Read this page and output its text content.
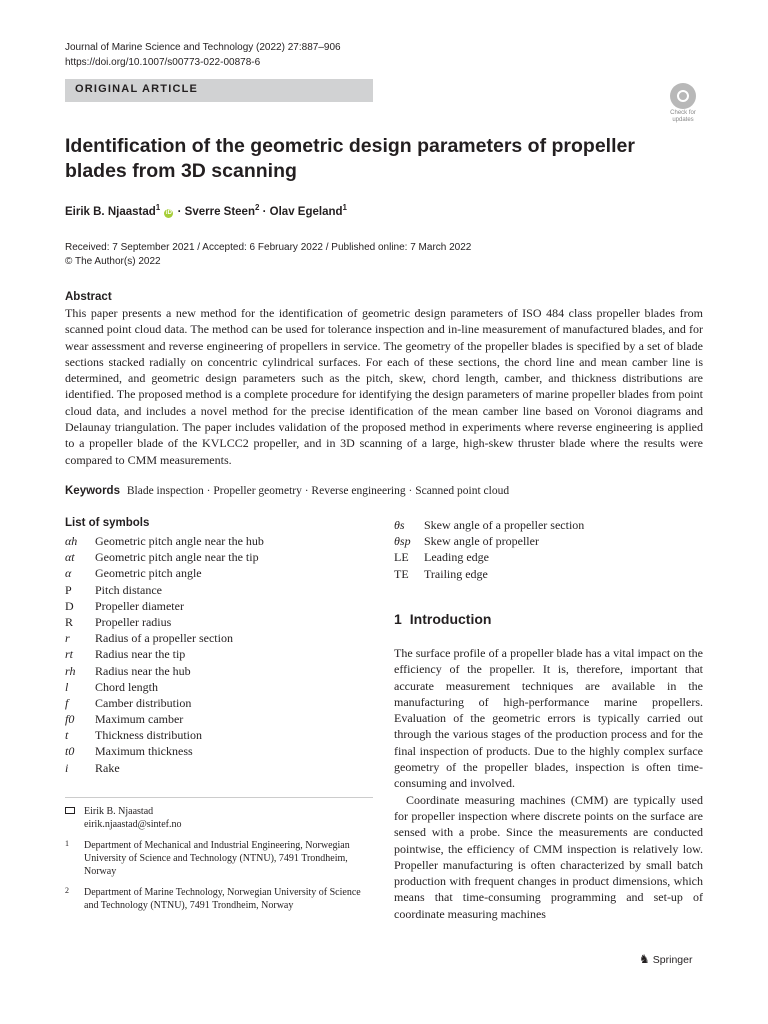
Journal of Marine Science and Technology (2022) 27:887–906
https://doi.org/10.1007/s00773-022-00878-6
ORIGINAL ARTICLE
Check for updates
Identification of the geometric design parameters of propeller blades from 3D scanning
Eirik B. Njaastad$^1$ iD · Sverre Steen$^2$ · Olav Egeland$^1$
Received: 7 September 2021 / Accepted: 6 February 2022 / Published online: 7 March 2022
© The Author(s) 2022
Abstract
This paper presents a new method for the identification of geometric design parameters of ISO 484 class propeller blades from scanned point cloud data. The method can be used for tolerance inspection and in-line measurement of manufactured blades, and for wear assessment and reverse engineering of propellers in service. The geometry of the propeller blades is specified by a set of blade sections stacked radially on concentric cylindrical surfaces. For each of these sections, the chord line and mean camber line is determined, and geometric design parameters such as the pitch, skew, chord length, camber, and thickness distributions are identified. The proposed method is a complete procedure for identifying the design parameters of marine propeller blades from point cloud data, and includes a novel method for the precise identification of the mean camber line based on Voronoi diagrams and Delaunay triangulation. The paper includes validation of the proposed method in experiments where reverse engineering is applied to a propeller blade of the KVLCC2 propeller, and in 3D scanning of a large, high-skew thruster blade where the results were compared to CMM measurements.
Keywords Blade inspection · Propeller geometry · Reverse engineering · Scanned point cloud
List of symbols
αh Geometric pitch angle near the hub
αt Geometric pitch angle near the tip
α Geometric pitch angle
P Pitch distance
D Propeller diameter
R Propeller radius
r Radius of a propeller section
rt Radius near the tip
rh Radius near the hub
l Chord length
f Camber distribution
f0 Maximum camber
t Thickness distribution
t0 Maximum thickness
i Rake
θs Skew angle of a propeller section
θsp Skew angle of propeller
LE Leading edge
TE Trailing edge
1 Introduction

The surface profile of a propeller blade has a vital impact on the efficiency of the propeller. It is, therefore, important that accurate measurement techniques are available in the manufacturing of high-performance marine propellers. Evaluation of the geometric errors is typically carried out through the various stages of the production process and for the final inspection of products. Due to the highly complex surface geometry of the propeller blades, inspection is often time-consuming and involved.

Coordinate measuring machines (CMM) are typically used for propeller inspection where discrete points on the surface are sensed with a probe. Since the measurements are conducted pointwise, the efficiency of CMM inspection is relatively low. Propeller manufacturing is often characterized by small batch production with frequent changes in product dimensions, which means that time-consuming programming and set-up of coordinate measuring machines

Eirik B. Njaastad
eirik.njaastad@sintef.no
1 Department of Mechanical and Industrial Engineering, Norwegian University of Science and Technology (NTNU), 7491 Trondheim, Norway
2 Department of Marine Technology, Norwegian University of Science and Technology (NTNU), 7491 Trondheim, Norway
♞ Springer
